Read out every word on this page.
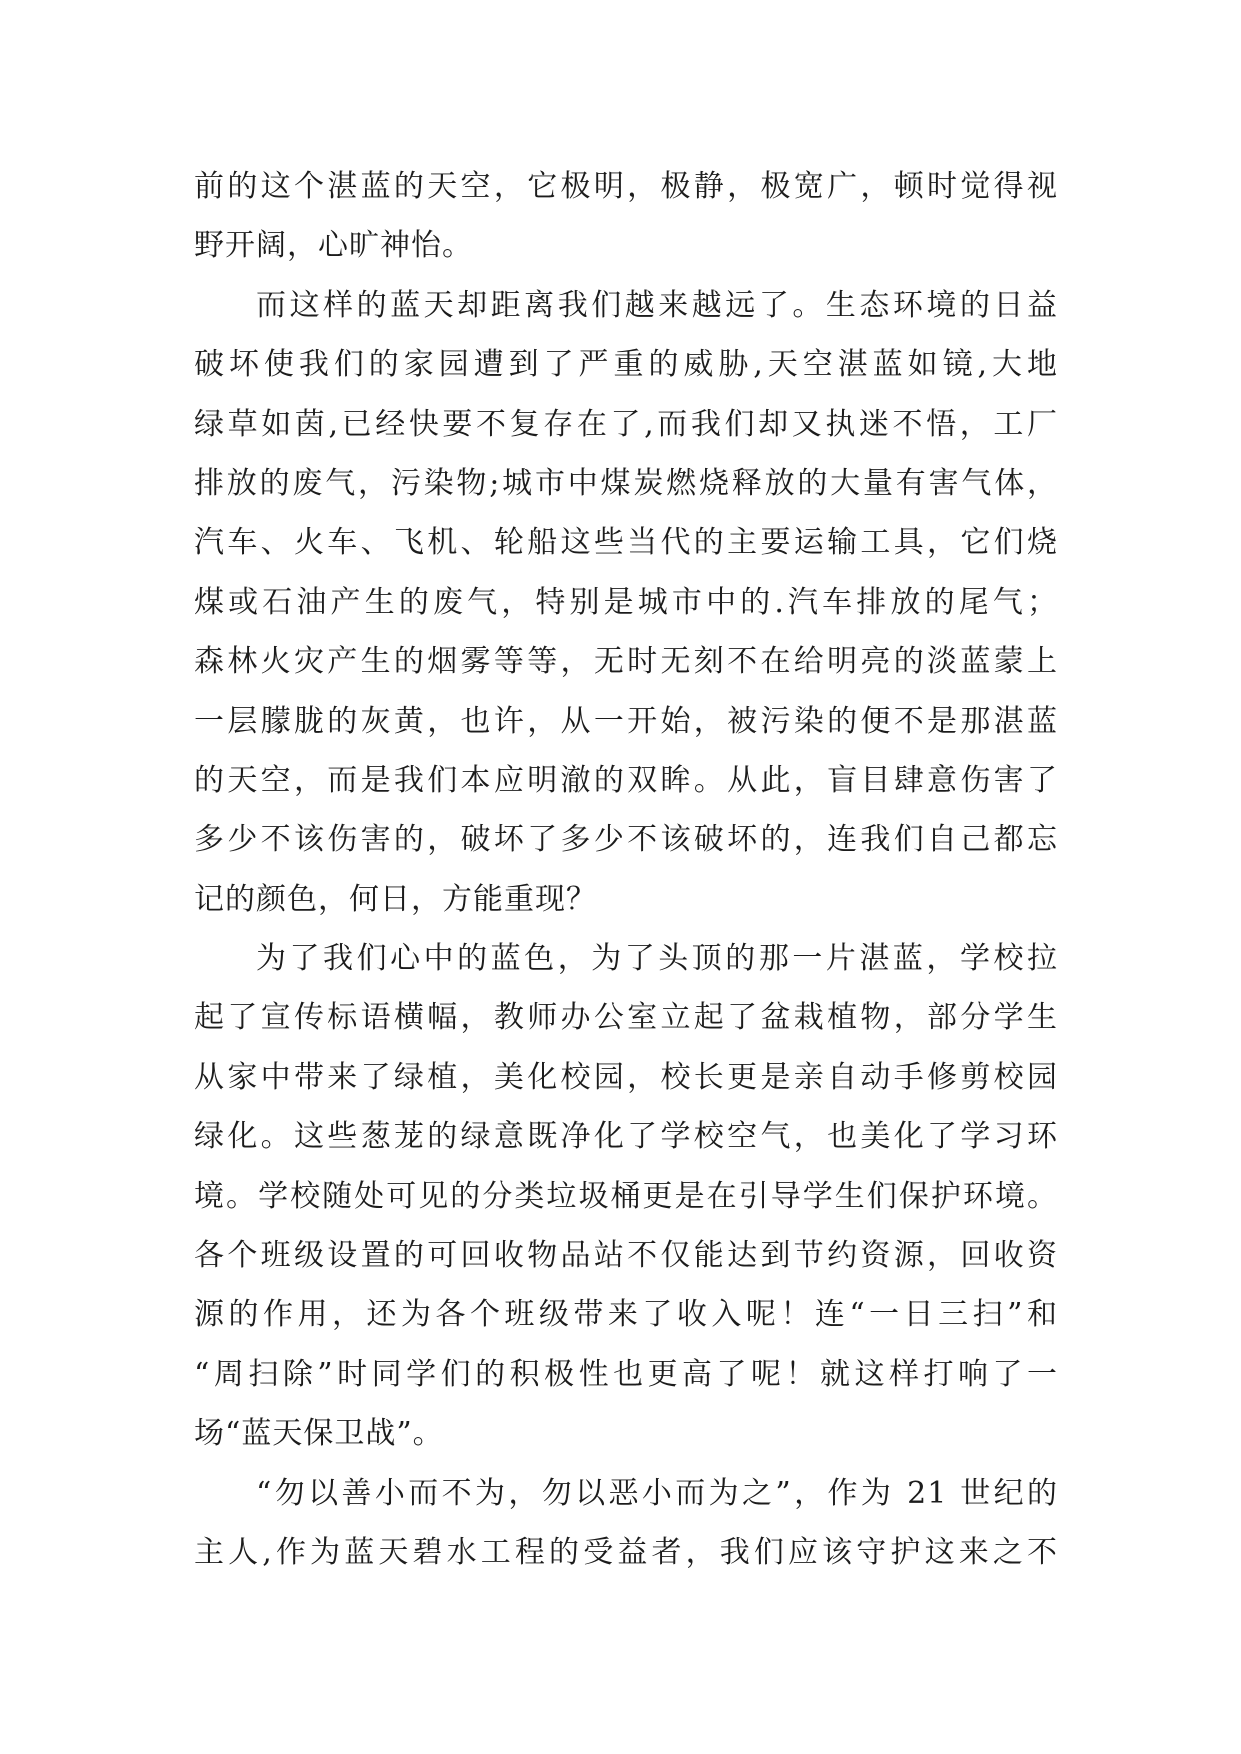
前的这个湛蓝的天空，它极明，极静，极宽广，顿时觉得视
野开阔，心旷神怡。
而这样的蓝天却距离我们越来越远了。生态环境的日益
破坏使我们的家园遭到了严重的威胁,天空湛蓝如镜,大地
绿草如茵,已经快要不复存在了,而我们却又执迷不悟，工厂
排放的废气，污染物;城市中煤炭燃烧释放的大量有害气体，
汽车、火车、飞机、轮船这些当代的主要运输工具，它们烧
煤或石油产生的废气，特别是城市中的.汽车排放的尾气；
森林火灾产生的烟雾等等，无时无刻不在给明亮的淡蓝蒙上
一层朦胧的灰黄，也许，从一开始，被污染的便不是那湛蓝
的天空，而是我们本应明澈的双眸。从此，盲目肆意伤害了
多少不该伤害的，破坏了多少不该破坏的，连我们自己都忘
记的颜色，何日，方能重现？
为了我们心中的蓝色，为了头顶的那一片湛蓝，学校拉
起了宣传标语横幅，教师办公室立起了盆栽植物，部分学生
从家中带来了绿植，美化校园，校长更是亲自动手修剪校园
绿化。这些葱茏的绿意既净化了学校空气，也美化了学习环
境。学校随处可见的分类垃圾桶更是在引导学生们保护环境。
各个班级设置的可回收物品站不仅能达到节约资源，回收资
源的作用，还为各个班级带来了收入呢！连“一日三扫”和
“周扫除”时同学们的积极性也更高了呢！就这样打响了一
场“蓝天保卫战”。
“勿以善小而不为，勿以恶小而为之”，作为 21 世纪的
主人,作为蓝天碧水工程的受益者，我们应该守护这来之不
